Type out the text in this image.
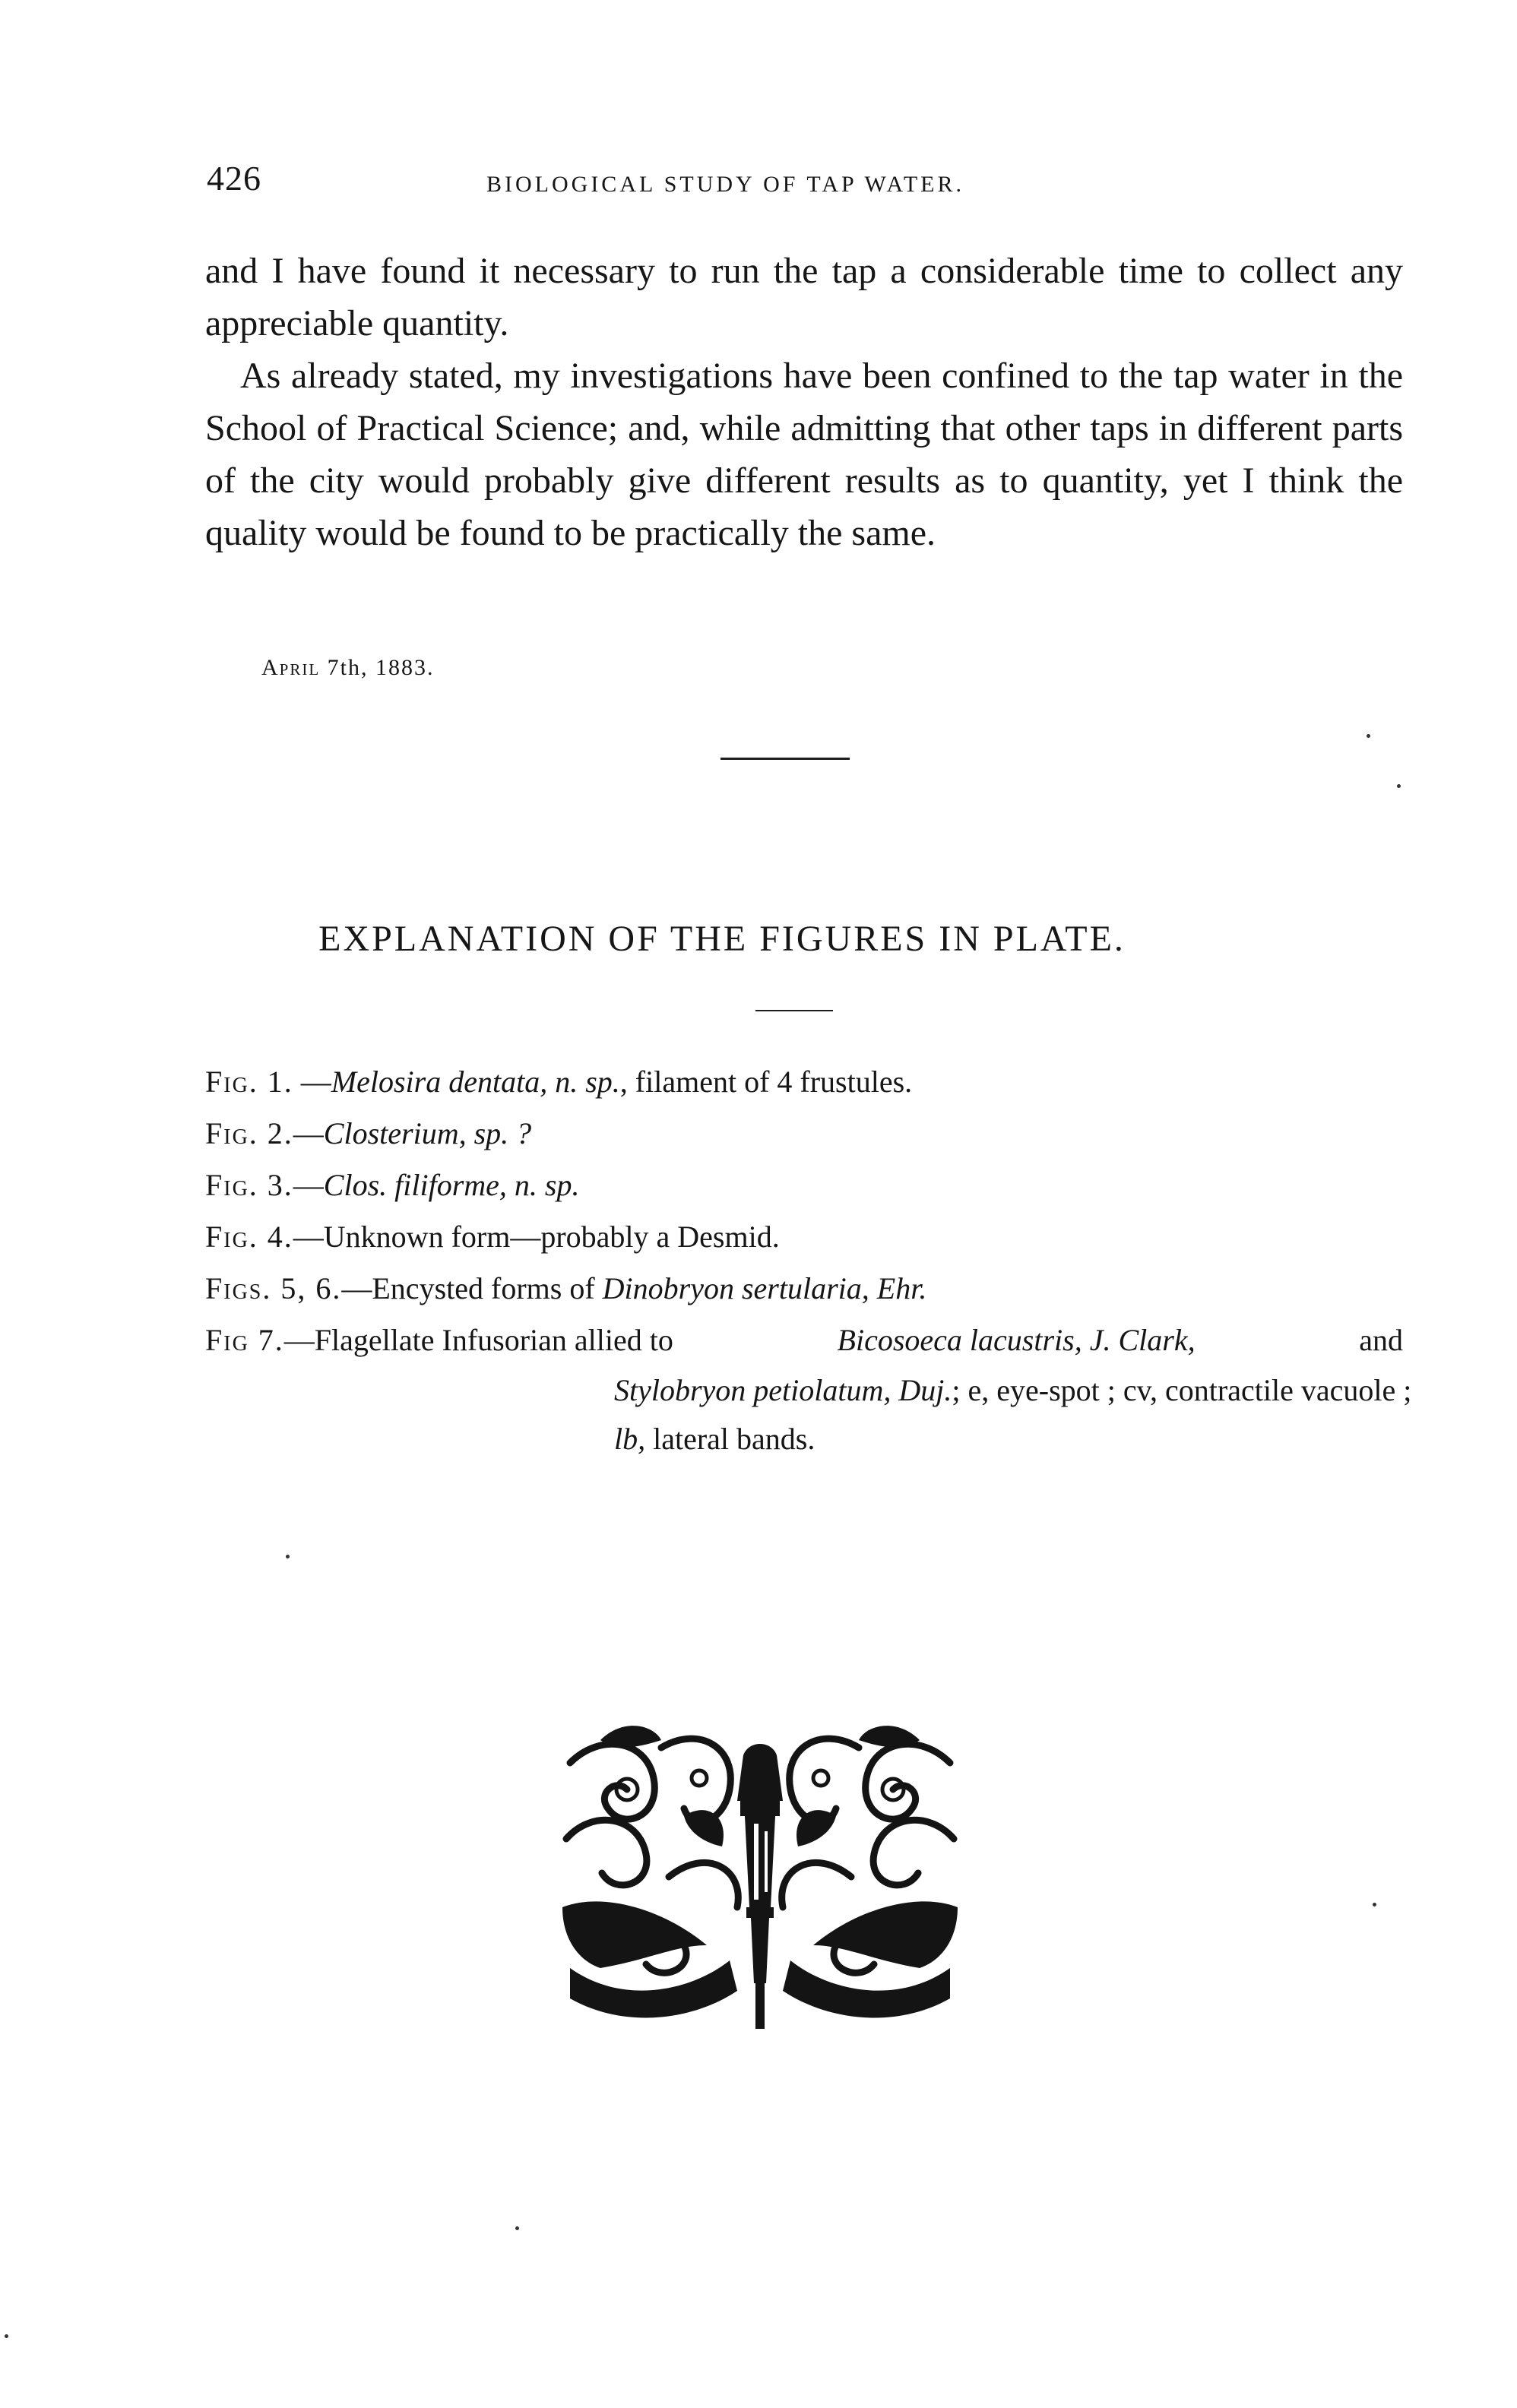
426	BIOLOGICAL STUDY OF TAP WATER.

and I have found it necessary to run the tap a considerable time to collect any appreciable quantity.

As already stated, my investigations have been confined to the tap water in the School of Practical Science; and, while admitting that other taps in different parts of the city would probably give different results as to quantity, yet I think the quality would be found to be practically the same.

April 7th, 1883.
EXPLANATION OF THE FIGURES IN PLATE.
Fig. 1. —Melosira dentata, n. sp., filament of 4 frustules.
Fig. 2.—Closterium, sp. ?
Fig. 3.—Clos. filiforme, n. sp.
Fig. 4.—Unknown form—probably a Desmid.
Figs. 5, 6.—Encysted forms of Dinobryon sertularia, Ehr.
Fig 7.—Flagellate Infusorian allied to	Bicosoeca lacustris, J. Clark,	and
Stylobryon petiolatum, Duj.; e, eye-spot ; cv, contractile vacuole ;
lb, lateral bands.
